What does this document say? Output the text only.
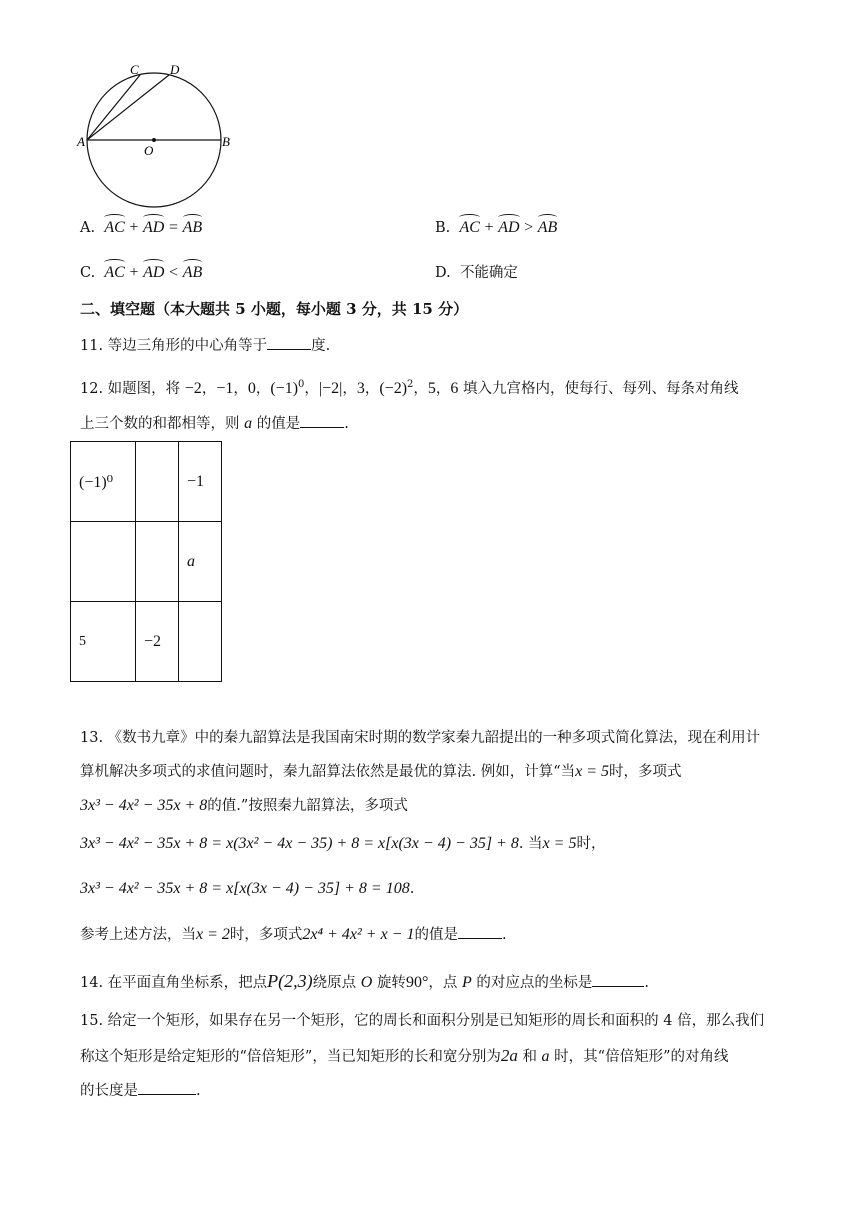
A	B
C D
O
A. AC + AD = AB	B. AC + AD > AB
C. AC + AD < AB	D. 不能确定
二、填空题（本大题共 5 小题，每小题 3 分，共 15 分）
11. 等边三角形的中心角等于	度.
12. 如题图，将 −2，−1，0，$(-1)^0$，|−2|，3，$(-2)^2$，5，6 填入九宫格内，使每行、每列、每条对角线
上三个数的和都相等，则 a 的值是	.
(−1)⁰		−1
		a
5	−2	
13. 《数书九章》中的秦九韶算法是我国南宋时期的数学家秦九韶提出的一种多项式简化算法，现在利用计
算机解决多项式的求值问题时，秦九韶算法依然是最优的算法. 例如，计算“当x = 5时，多项式
3x³ − 4x² − 35x + 8的值.”按照秦九韶算法，多项式
3x³ − 4x² − 35x + 8 = x(3x² − 4x − 35) + 8 = x[x(3x − 4) − 35] + 8. 当x = 5时，
3x³ − 4x² − 35x + 8 = x[x(3x − 4) − 35] + 8 = 108.
参考上述方法，当x = 2时，多项式2x⁴ + 4x² + x − 1的值是	.
14. 在平面直角坐标系，把点P(2,3)绕原点 O 旋转90°，点 P 的对应点的坐标是	.
15. 给定一个矩形，如果存在另一个矩形，它的周长和面积分别是已知矩形的周长和面积的 4 倍，那么我们
称这个矩形是给定矩形的“倍倍矩形”，当已知矩形的长和宽分别为2a 和 a 时，其“倍倍矩形”的对角线
的长度是	.
